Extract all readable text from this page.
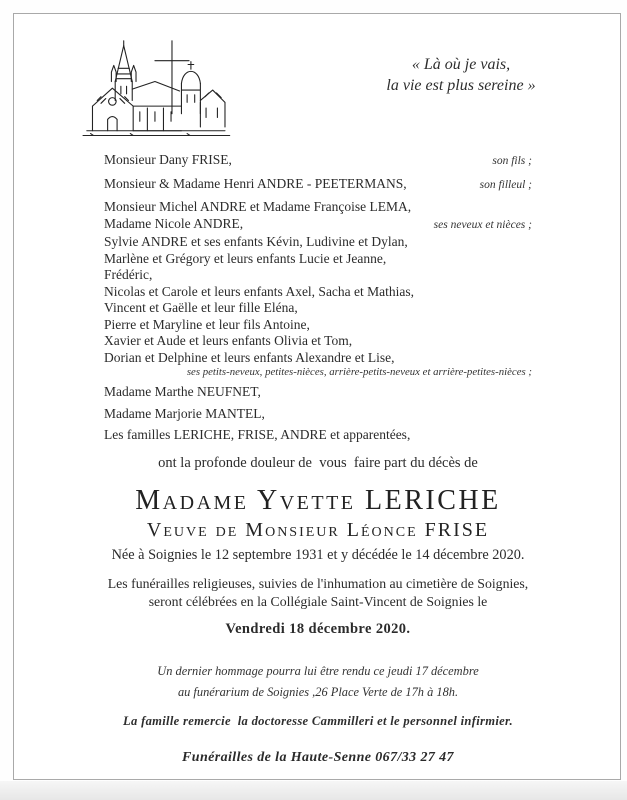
« Là où je vais,
la vie est plus sereine »
Monsieur Dany FRISE,	son fils ;
Monsieur & Madame Henri ANDRE - PEETERMANS,	son filleul ;
Monsieur Michel ANDRE et Madame Françoise LEMA,
Madame Nicole ANDRE,	ses neveux et nièces ;
Sylvie ANDRE et ses enfants Kévin, Ludivine et Dylan,
Marlène et Grégory et leurs enfants Lucie et Jeanne,
Frédéric,
Nicolas et Carole et leurs enfants Axel, Sacha et Mathias,
Vincent et Gaëlle et leur fille Eléna,
Pierre et Maryline et leur fils Antoine,
Xavier et Aude et leurs enfants Olivia et Tom,
Dorian et Delphine et leurs enfants Alexandre et Lise,
ses petits-neveux, petites-nièces, arrière-petits-neveux et arrière-petites-nièces ;
Madame Marthe NEUFNET,
Madame Marjorie MANTEL,
Les familles LERICHE, FRISE, ANDRE et apparentées,
ont la profonde douleur de  vous  faire part du décès de
Madame Yvette LERICHE
Veuve de Monsieur Léonce FRISE
Née à Soignies le 12 septembre 1931 et y décédée le 14 décembre 2020.
Les funérailles religieuses, suivies de l'inhumation au cimetière de Soignies,
seront célébrées en la Collégiale Saint-Vincent de Soignies le
Vendredi 18 décembre 2020.
Un dernier hommage pourra lui être rendu ce jeudi 17 décembre
au funérarium de Soignies ,26 Place Verte de 17h à 18h.
La famille remercie  la doctoresse Cammilleri et le personnel infirmier.
Funérailles de la Haute-Senne 067/33 27 47
